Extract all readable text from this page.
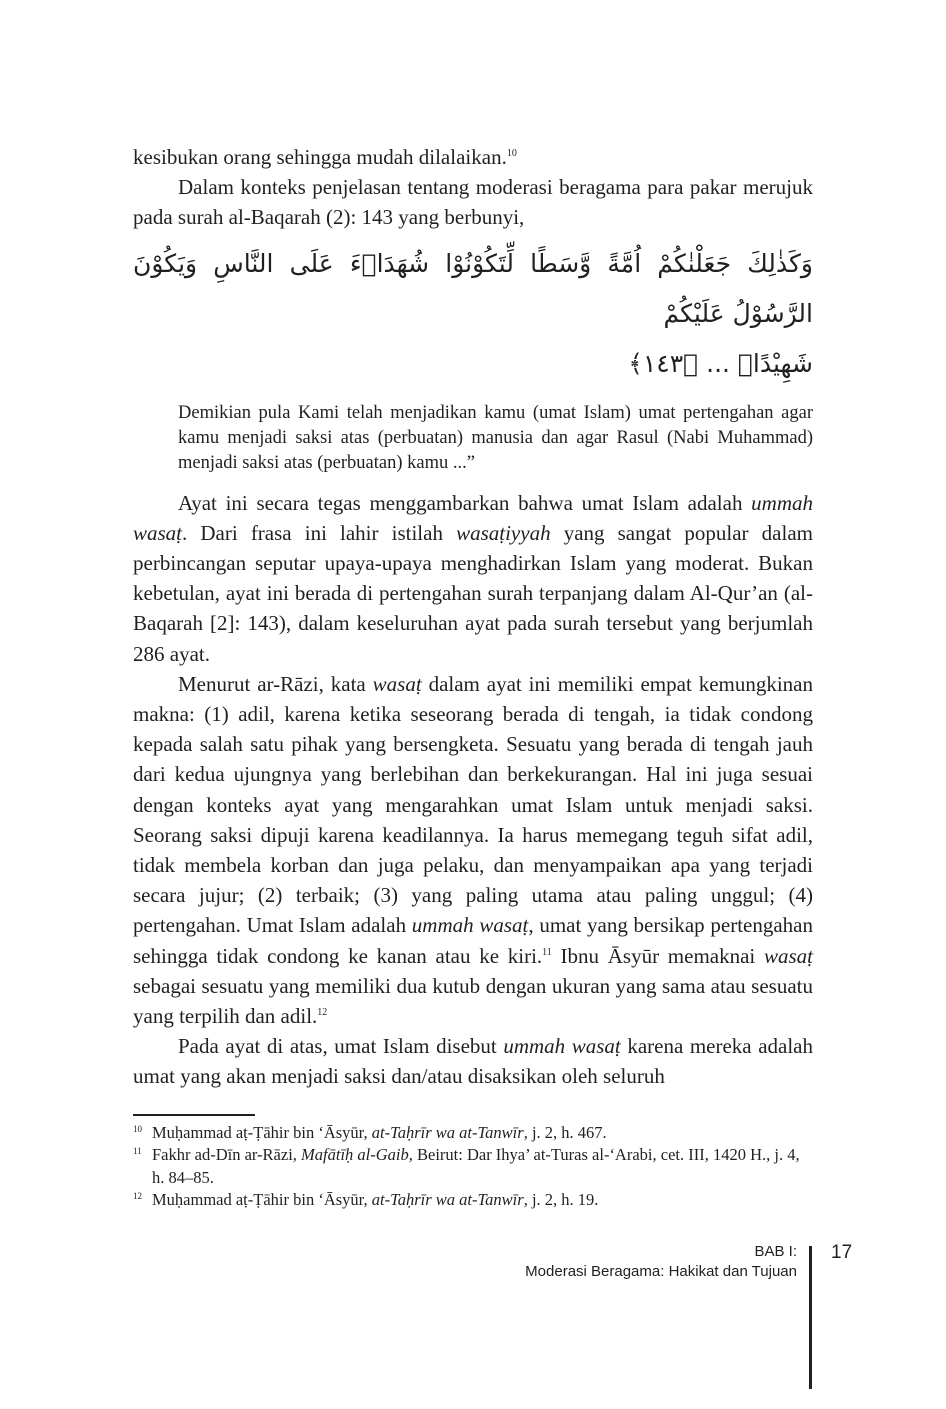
kesibukan orang sehingga mudah dilalaikan.$^{10}$

Dalam konteks penjelasan tentang moderasi beragama para pakar merujuk pada surah al-Baqarah (2): 143 yang berbunyi,

وَكَذٰلِكَ جَعَلْنٰكُمْ اُمَّةً وَّسَطًا لِّتَكُوْنُوْا شُهَدَاۤءَ عَلَى النَّاسِ وَيَكُوْنَ الرَّسُوْلُ عَلَيْكُمْ
شَهِيْدًاۗ ... ﴿١٤٣﴾
Demikian pula Kami telah menjadikan kamu (umat Islam) umat pertengahan agar kamu menjadi saksi atas (perbuatan) manusia dan agar Rasul (Nabi Muhammad) menjadi saksi atas (perbuatan) kamu ...”

Ayat ini secara tegas menggambarkan bahwa umat Islam adalah ummah wasaṭ. Dari frasa ini lahir istilah wasaṭiyyah yang sangat popular dalam perbincangan seputar upaya-upaya menghadirkan Islam yang moderat. Bukan kebetulan, ayat ini berada di pertengahan surah terpanjang dalam Al-Qur’an (al-Baqarah [2]: 143), dalam keseluruhan ayat pada surah tersebut yang berjumlah 286 ayat.

Menurut ar-Rāzi, kata wasaṭ dalam ayat ini memiliki empat kemungkinan makna: (1) adil, karena ketika seseorang berada di tengah, ia tidak condong kepada salah satu pihak yang bersengketa. Sesuatu yang berada di tengah jauh dari kedua ujungnya yang berlebihan dan berkekurangan. Hal ini juga sesuai dengan konteks ayat yang mengarahkan umat Islam untuk menjadi saksi. Seorang saksi dipuji karena keadilannya. Ia harus memegang teguh sifat adil, tidak membela korban dan juga pelaku, dan menyampaikan apa yang terjadi secara jujur; (2) terbaik; (3) yang paling utama atau paling unggul; (4) pertengahan. Umat Islam adalah ummah wasaṭ, umat yang bersikap pertengahan sehingga tidak condong ke kanan atau ke kiri.$^{11}$ Ibnu Āsyūr memaknai wasaṭ sebagai sesuatu yang memiliki dua kutub dengan ukuran yang sama atau sesuatu yang terpilih dan adil.$^{12}$

Pada ayat di atas, umat Islam disebut ummah wasaṭ karena mereka adalah umat yang akan menjadi saksi dan/atau disaksikan oleh seluruh

10 Muḥammad aṭ-Ṭāhir bin ‘Āsyūr, at-Taḥrīr wa at-Tanwīr, j. 2, h. 467.
11 Fakhr ad-Dīn ar-Rāzi, Mafātīḥ al-Gaib, Beirut: Dar Ihya’ at-Turas al-‘Arabi, cet. III, 1420 H., j. 4, h. 84–85.
12 Muḥammad aṭ-Ṭāhir bin ‘Āsyūr, at-Taḥrīr wa at-Tanwīr, j. 2, h. 19.
BAB I:
Moderasi Beragama: Hakikat dan Tujuan
17
